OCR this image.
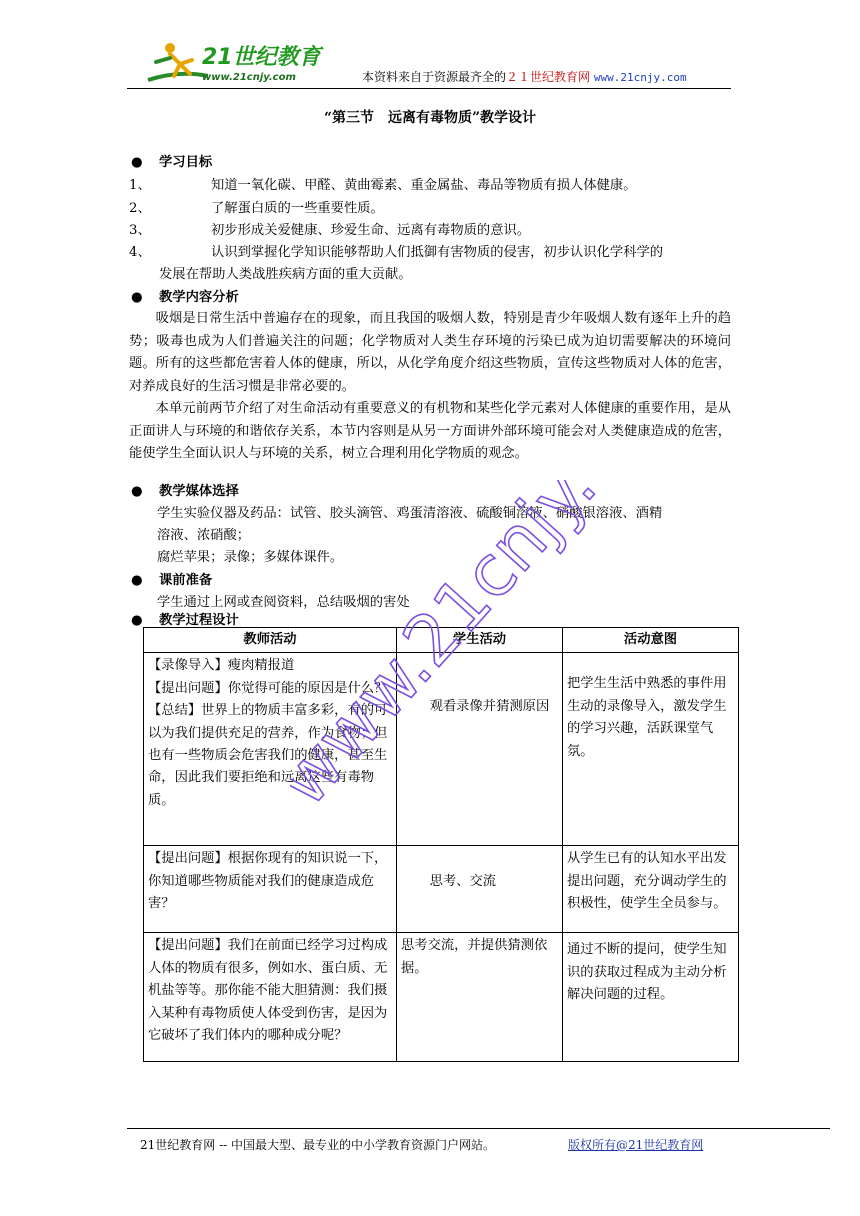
21世纪教育
www.21cnjy.com	本资料来自于资源最齐全的２１世纪教育网 www.21cnjy.com
“第三节　远离有毒物质”教学设计
● 学习目标
1、	知道一氧化碳、甲醛、黄曲霉素、重金属盐、毒品等物质有损人体健康。
2、	了解蛋白质的一些重要性质。
3、	初步形成关爱健康、珍爱生命、远离有毒物质的意识。
4、	认识到掌握化学知识能够帮助人们抵御有害物质的侵害，初步认识化学科学的
发展在帮助人类战胜疾病方面的重大贡献。
● 教学内容分析
吸烟是日常生活中普遍存在的现象，而且我国的吸烟人数，特别是青少年吸烟人数有逐年上升的趋势；吸毒也成为人们普遍关注的问题；化学物质对人类生存环境的污染已成为迫切需要解决的环境问题。所有的这些都危害着人体的健康，所以，从化学角度介绍这些物质，宣传这些物质对人体的危害，对养成良好的生活习惯是非常必要的。
本单元前两节介绍了对生命活动有重要意义的有机物和某些化学元素对人体健康的重要作用，是从正面讲人与环境的和谐依存关系，本节内容则是从另一方面讲外部环境可能会对人类健康造成的危害，能使学生全面认识人与环境的关系，树立合理利用化学物质的观念。
● 教学媒体选择
学生实验仪器及药品：试管、胶头滴管、鸡蛋清溶液、硫酸铜溶液、硝酸银溶液、酒精
溶液、浓硝酸；
腐烂苹果；录像；多媒体课件。
● 课前准备
学生通过上网或查阅资料，总结吸烟的害处
● 教学过程设计
教师活动	学生活动	活动意图
【录像导入】瘦肉精报道
【提出问题】你觉得可能的原因是什么？
【总结】世界上的物质丰富多彩，有的可以为我们提供充足的营养，作为食物；但也有一些物质会危害我们的健康，甚至生命，因此我们要拒绝和远离这些有毒物质。	观看录像并猜测原因	把学生生活中熟悉的事件用生动的录像导入，激发学生的学习兴趣，活跃课堂气氛。
【提出问题】根据你现有的知识说一下，你知道哪些物质能对我们的健康造成危害？	思考、交流	从学生已有的认知水平出发提出问题，充分调动学生的积极性，使学生全员参与。
【提出问题】我们在前面已经学习过构成人体的物质有很多，例如水、蛋白质、无机盐等等。那你能不能大胆猜测：我们摄入某种有毒物质使人体受到伤害，是因为它破坏了我们体内的哪种成分呢？	思考交流，并提供猜测依据。	通过不断的提问，使学生知识的获取过程成为主动分析解决问题的过程。
www.21cnjy.com
21世纪教育网 -- 中国最大型、最专业的中小学教育资源门户网站。	版权所有@21世纪教育网
